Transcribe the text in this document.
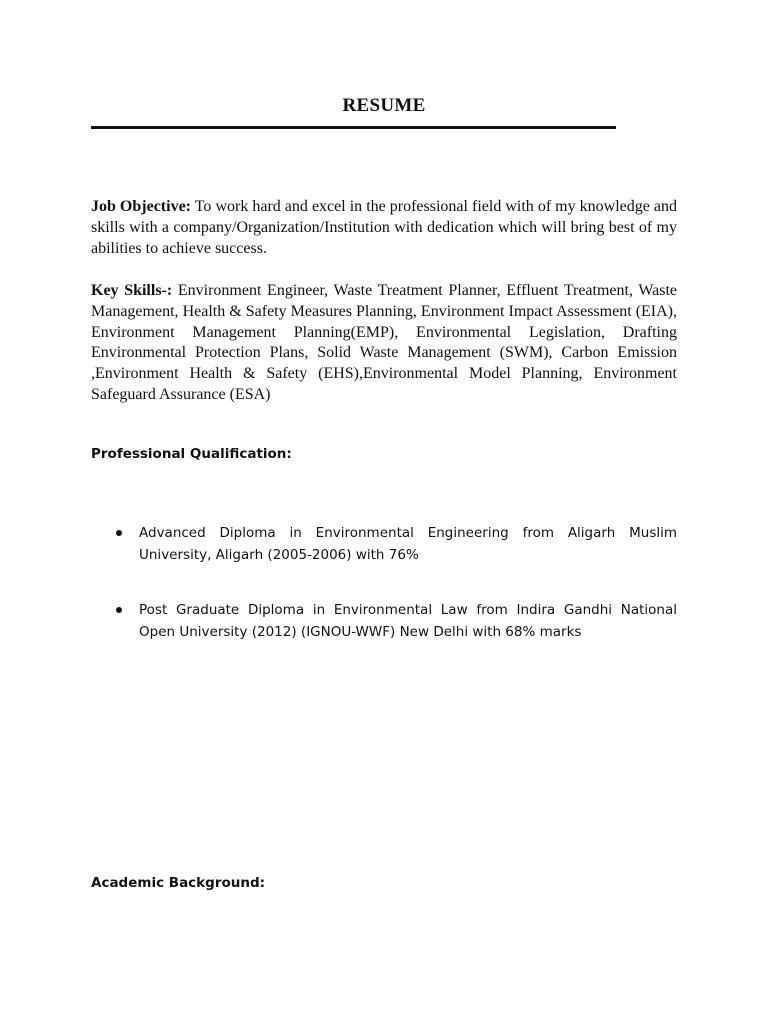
RESUME
Job Objective: To work hard and excel in the professional field with of my knowledge and skills with a company/Organization/Institution with dedication which will bring best of my abilities to achieve success.
Key Skills-: Environment Engineer, Waste Treatment Planner, Effluent Treatment, Waste Management, Health & Safety Measures Planning, Environment Impact Assessment (EIA), Environment Management Planning(EMP), Environmental Legislation, Drafting Environmental Protection Plans, Solid Waste Management (SWM), Carbon Emission ,Environment Health & Safety (EHS),Environmental Model Planning, Environment Safeguard Assurance (ESA)
Professional Qualification:
Advanced Diploma in Environmental Engineering from Aligarh Muslim University, Aligarh (2005-2006) with 76%
Post Graduate Diploma in Environmental Law from Indira Gandhi National Open University (2012) (IGNOU-WWF) New Delhi with 68% marks
Academic Background:
